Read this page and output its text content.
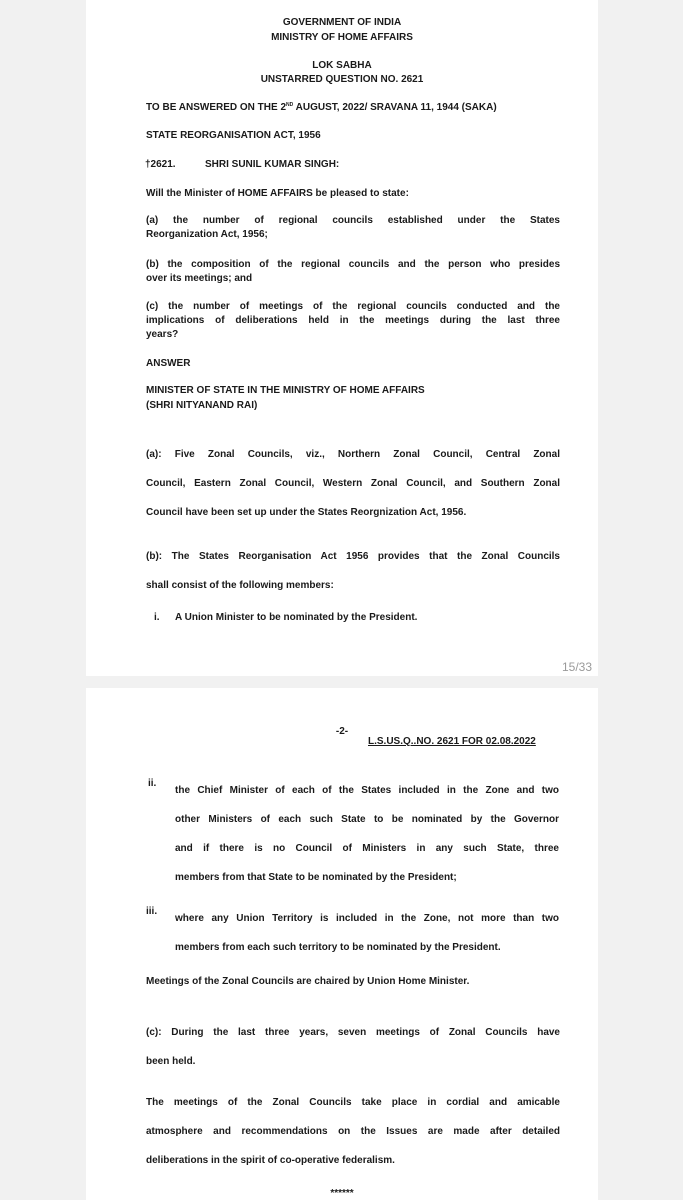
GOVERNMENT OF INDIA
MINISTRY OF HOME AFFAIRS
LOK SABHA
UNSTARRED QUESTION NO. 2621
TO BE ANSWERED ON THE 2ND AUGUST, 2022/ SRAVANA 11, 1944 (SAKA)
STATE REORGANISATION ACT, 1956
†2621.	SHRI SUNIL KUMAR SINGH:
Will the Minister of HOME AFFAIRS be pleased to state:
(a) the number of regional councils established under the States
Reorganization Act, 1956;
(b) the composition of the regional councils and the person who presides
over its meetings; and
(c) the number of meetings of the regional councils conducted and the
implications of deliberations held in the meetings during the last three
years?
ANSWER
MINISTER OF STATE IN THE MINISTRY OF HOME AFFAIRS
(SHRI NITYANAND RAI)
(a): Five Zonal Councils, viz., Northern Zonal Council, Central Zonal
Council, Eastern Zonal Council, Western Zonal Council, and Southern Zonal
Council have been set up under the States Reorgnization Act, 1956.
(b): The States Reorganisation Act 1956 provides that the Zonal Councils
shall consist of the following members:
i. A Union Minister to be nominated by the President.
15/33
-2-
L.S.US.Q..NO. 2621 FOR 02.08.2022
ii.
the Chief Minister of each of the States included in the Zone and two
other Ministers of each such State to be nominated by the Governor
and if there is no Council of Ministers in any such State, three
members from that State to be nominated by the President;
iii.
where any Union Territory is included in the Zone, not more than two
members from each such territory to be nominated by the President.
Meetings of the Zonal Councils are chaired by Union Home Minister.
(c): During the last three years, seven meetings of Zonal Councils have
been held.
The meetings of the Zonal Councils take place in cordial and amicable
atmosphere and recommendations on the Issues are made after detailed
deliberations in the spirit of co-operative federalism.
******
